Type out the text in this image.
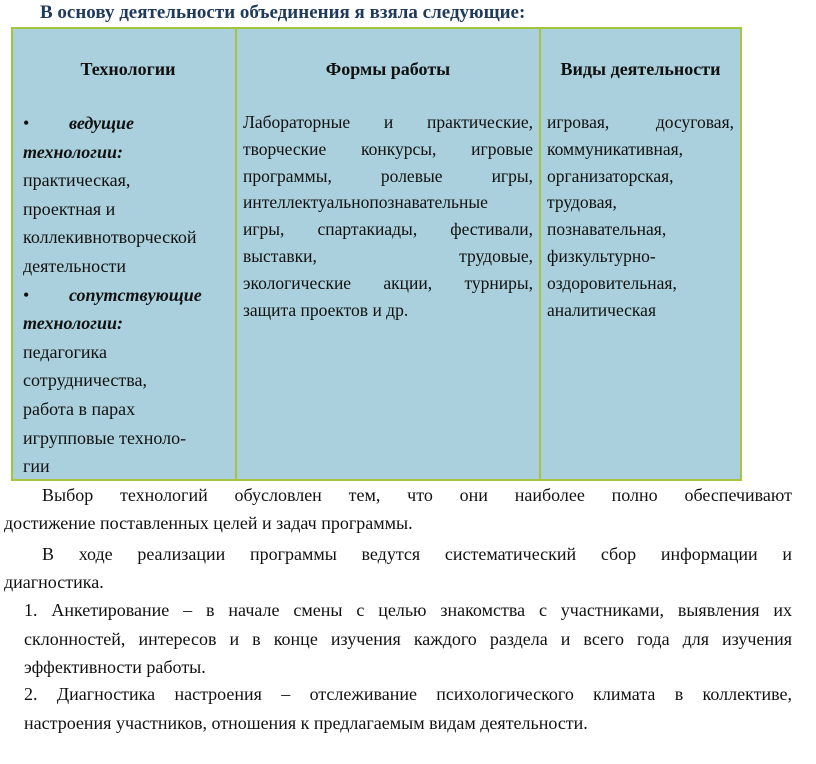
В основу деятельности объединения я взяла следующие:
Технологии
• ведущие
технологии:
практическая,
проектная и
коллекивнотворческой
деятельности
• сопутствующие
технологии:
педагогика
сотрудничества,
работа в парах
игрупповые техноло-
гии
Формы работы
Лабораторные и практические,
творческие конкурсы, игровые
программы, ролевые игры,
интеллектуальнопознавательные
игры, спартакиады, фестивали,
выставки, трудовые,
экологические акции, турниры,
защита проектов и др.
Виды деятельности
игровая, досуговая,
коммуникативная,
организаторская,
трудовая,
познавательная,
физкультурно-
оздоровительная,
аналитическая
Выбор технологий обусловлен тем, что они наиболее полно обеспечивают
достижение поставленных целей и задач программы.
В ходе реализации программы ведутся систематический сбор информации и
диагностика.
1. Анкетирование – в начале смены с целью знакомства с участниками, выявления их
склонностей, интересов и в конце изучения каждого раздела и всего года для изучения
эффективности работы.
2. Диагностика настроения – отслеживание психологического климата в коллективе,
настроения участников, отношения к предлагаемым видам деятельности.
